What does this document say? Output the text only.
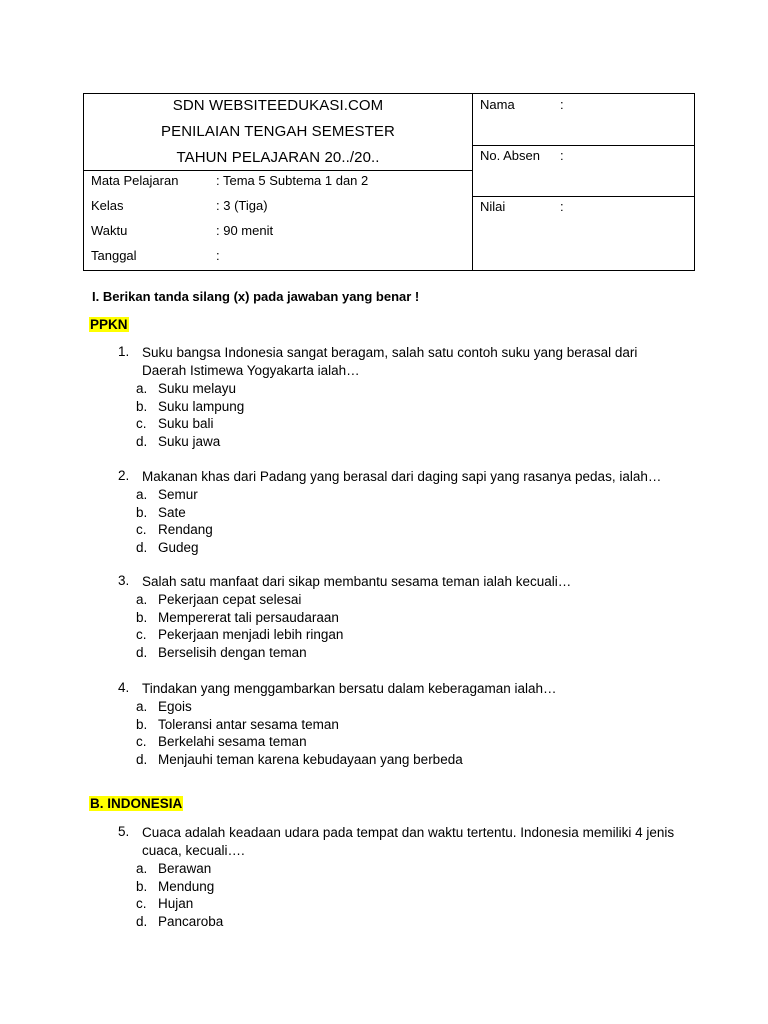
SDN WEBSITEEDUKASI.COM
PENILAIAN TENGAH SEMESTER
TAHUN PELAJARAN 20../20..
Mata Pelajaran	: Tema 5 Subtema 1 dan 2
Kelas	: 3 (Tiga)
Waktu	: 90 menit
Tanggal	:
Nama	:
No. Absen	:
Nilai	:
I. Berikan tanda silang (x) pada jawaban yang benar !
PPKN
1. Suku bangsa Indonesia sangat beragam, salah satu contoh suku yang berasal dari Daerah Istimewa Yogyakarta ialah…
a. Suku melayu
b. Suku lampung
c. Suku bali
d. Suku jawa
2. Makanan khas dari Padang yang berasal dari daging sapi yang rasanya pedas, ialah…
a. Semur
b. Sate
c. Rendang
d. Gudeg
3. Salah satu manfaat dari sikap membantu sesama teman ialah kecuali…
a. Pekerjaan cepat selesai
b. Mempererat tali persaudaraan
c. Pekerjaan menjadi lebih ringan
d. Berselisih dengan teman
4. Tindakan yang menggambarkan bersatu dalam keberagaman ialah…
a. Egois
b. Toleransi antar sesama teman
c. Berkelahi sesama teman
d. Menjauhi teman karena kebudayaan yang berbeda
B. INDONESIA
5. Cuaca adalah keadaan udara pada tempat dan waktu tertentu. Indonesia memiliki 4 jenis cuaca, kecuali….
a. Berawan
b. Mendung
c. Hujan
d. Pancaroba
